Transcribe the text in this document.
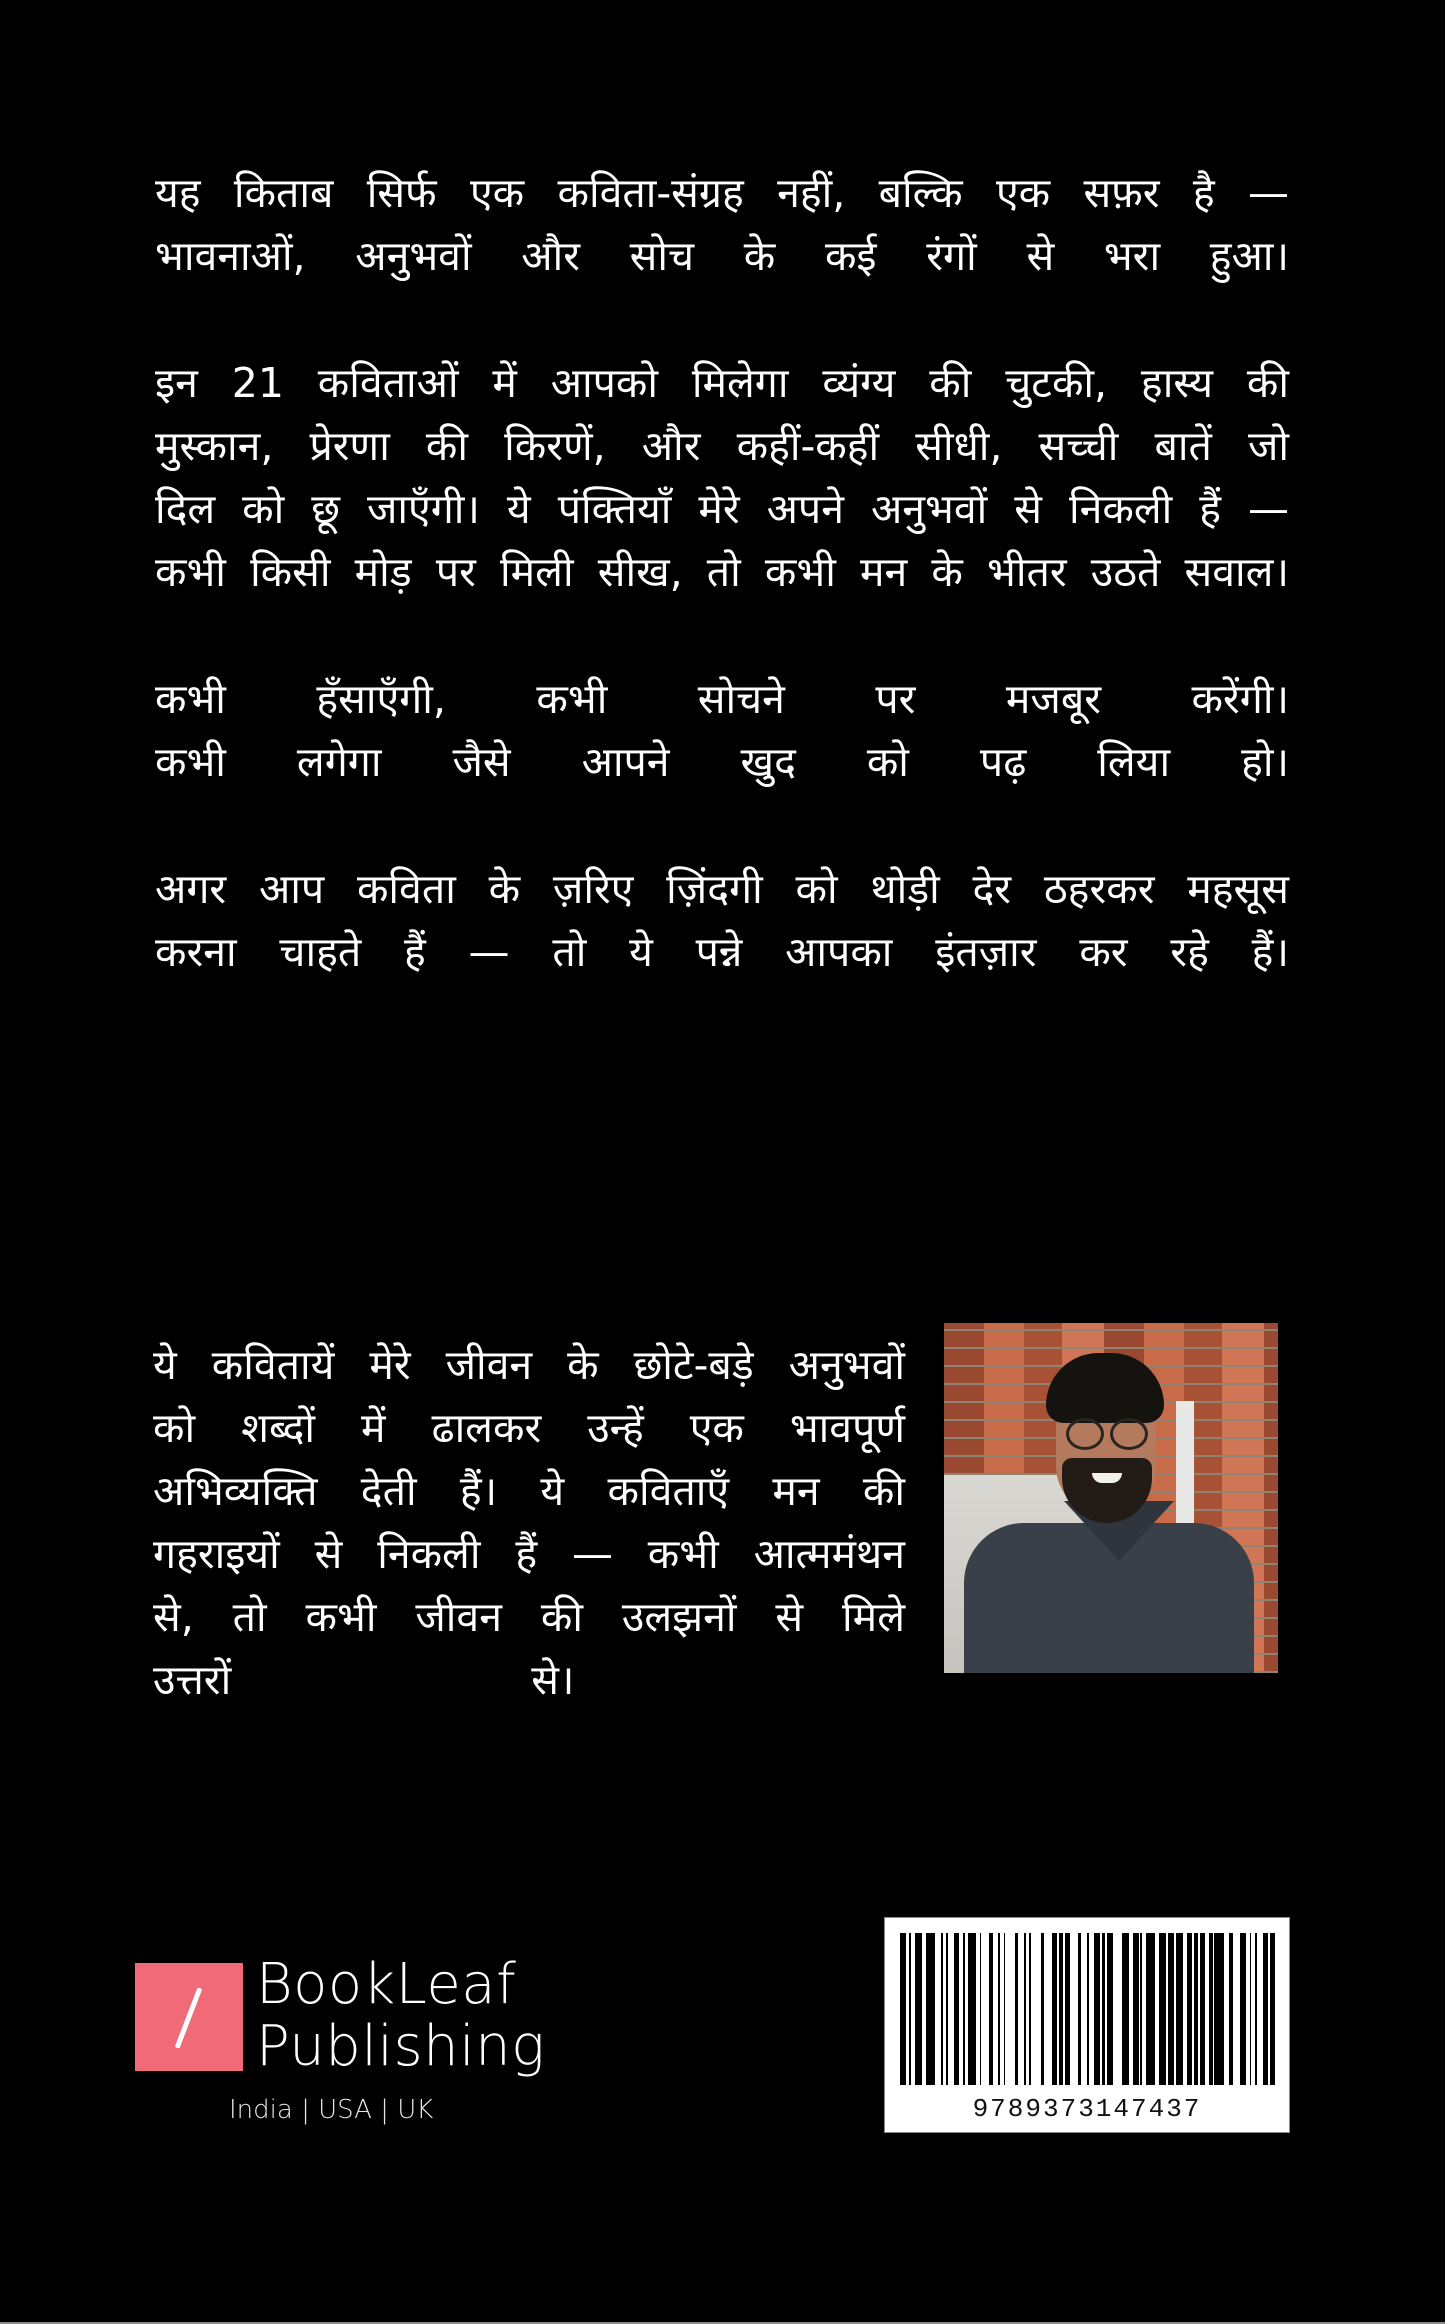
यह किताब सिर्फ एक कविता-संग्रह नहीं, बल्कि एक सफ़र है —
भावनाओं, अनुभवों और सोच के कई रंगों से भरा हुआ।
इन 21 कविताओं में आपको मिलेगा व्यंग्य की चुटकी, हास्य की
मुस्कान, प्रेरणा की किरणें, और कहीं-कहीं सीधी, सच्ची बातें जो
दिल को छू जाएँगी। ये पंक्तियाँ मेरे अपने अनुभवों से निकली हैं —
कभी किसी मोड़ पर मिली सीख, तो कभी मन के भीतर उठते सवाल।
कभी हँसाएँगी, कभी सोचने पर मजबूर करेंगी।
कभी लगेगा जैसे आपने खुद को पढ़ लिया हो।
अगर आप कविता के ज़रिए ज़िंदगी को थोड़ी देर ठहरकर महसूस
करना चाहते हैं — तो ये पन्ने आपका इंतज़ार कर रहे हैं।
ये कवितायें मेरे जीवन के छोटे-बड़े अनुभवों
को शब्दों में ढालकर उन्हें एक भावपूर्ण
अभिव्यक्ति देती हैं। ये कविताएँ मन की
गहराइयों से निकली हैं — कभी आत्ममंथन
से, तो कभी जीवन की उलझनों से मिले
उत्तरों	से।
BookLeaf
Publishing
India | USA | UK	9789373147437
